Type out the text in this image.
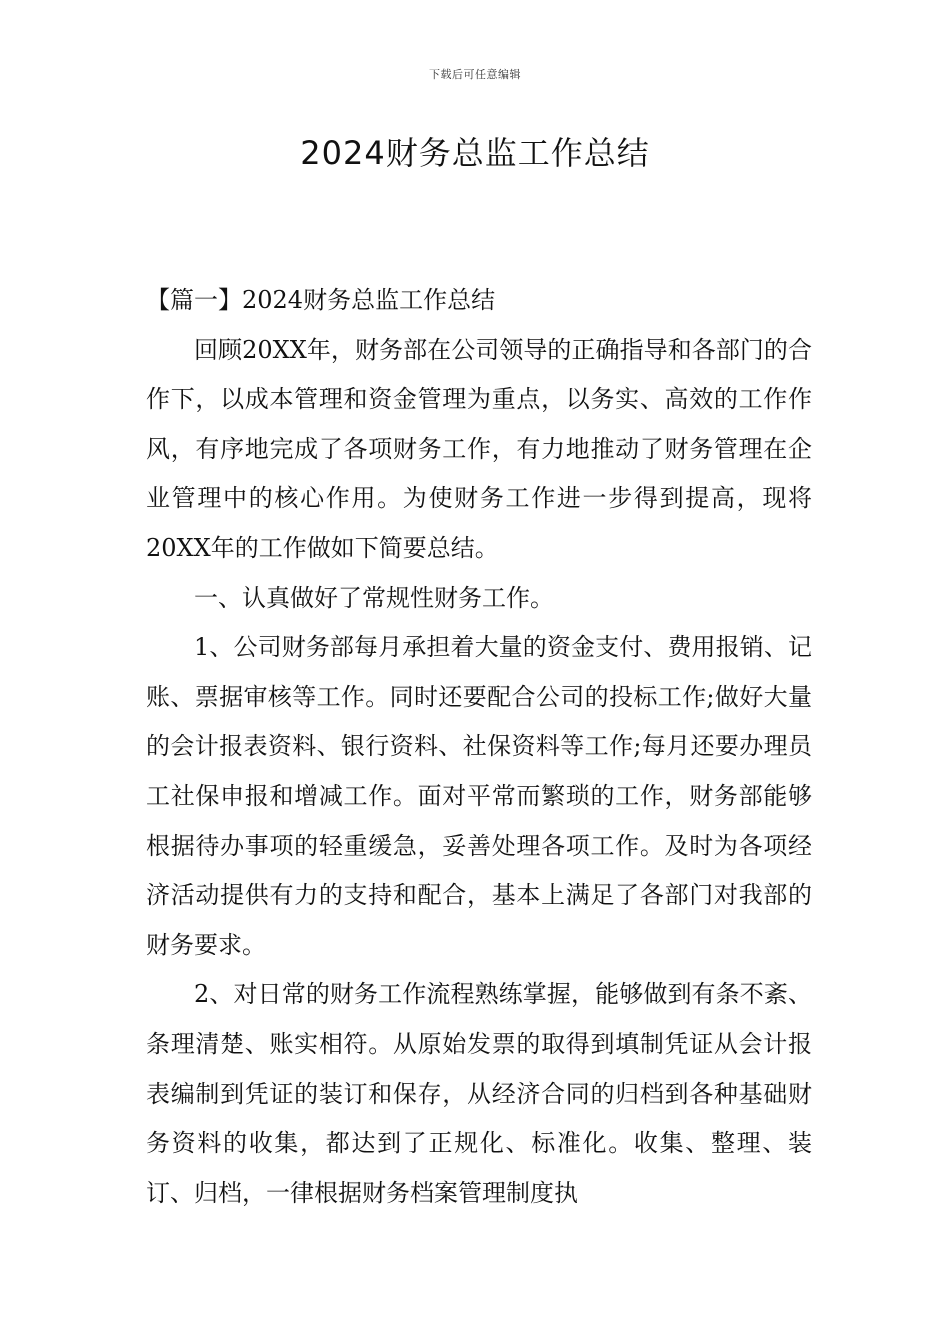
下载后可任意编辑
2024财务总监工作总结

【篇一】2024财务总监工作总结

回顾20XX年，财务部在公司领导的正确指导和各部门的合作下，以成本管理和资金管理为重点，以务实、高效的工作作风，有序地完成了各项财务工作，有力地推动了财务管理在企业管理中的核心作用。为使财务工作进一步得到提高，现将20XX年的工作做如下简要总结。

一、认真做好了常规性财务工作。

1、公司财务部每月承担着大量的资金支付、费用报销、记账、票据审核等工作。同时还要配合公司的投标工作;做好大量的会计报表资料、银行资料、社保资料等工作;每月还要办理员工社保申报和增减工作。面对平常而繁琐的工作，财务部能够根据待办事项的轻重缓急，妥善处理各项工作。及时为各项经济活动提供有力的支持和配合，基本上满足了各部门对我部的财务要求。

2、对日常的财务工作流程熟练掌握，能够做到有条不紊、条理清楚、账实相符。从原始发票的取得到填制凭证从会计报表编制到凭证的装订和保存，从经济合同的归档到各种基础财务资料的收集，都达到了正规化、标准化。收集、整理、装订、归档，一律根据财务档案管理制度执
